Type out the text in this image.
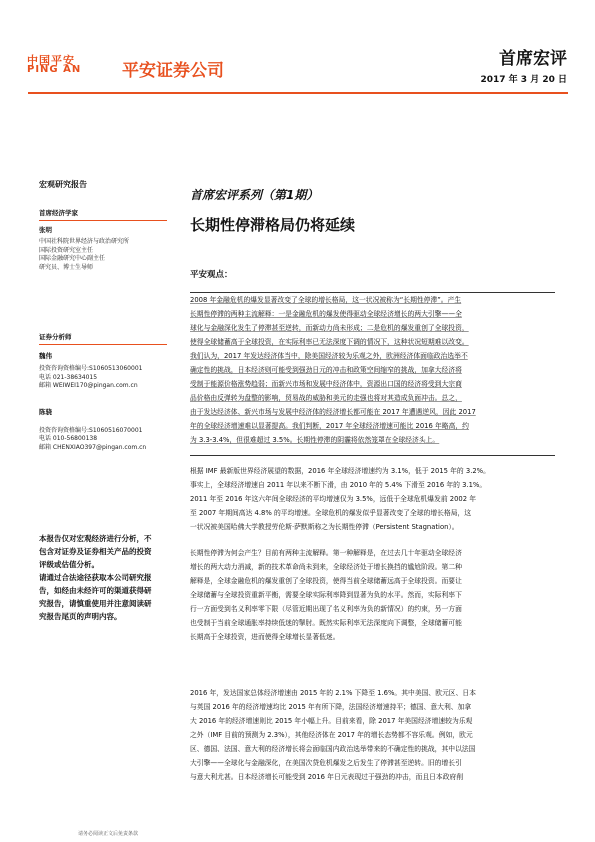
中国平安
PING AN 平安证券公司
首席宏评
2017 年 3 月 20 日
宏观研究报告
首席经济学家
张明
中国社科院世界经济与政治研究所
国际投资研究室主任
国际金融研究中心副主任
研究员、博士生导师
证券分析师
魏伟
投资咨询资格编号:S1060513060001
电话 021-38634015
邮箱 WEIWEI170@pingan.com.cn
陈骁
投资咨询资格编号:S1060516070001
电话 010-56800138
邮箱 CHENXIAO397@pingan.com.cn
本报告仅对宏观经济进行分析，不
包含对证券及证券相关产品的投资
评级或估值分析。
请通过合法途径获取本公司研究报
告，如经由未经许可的渠道获得研
究报告，请慎重使用并注意阅读研
究报告尾页的声明内容。
首席宏评系列（第1期）
长期性停滞格局仍将延续
平安观点：
2008 年金融危机的爆发显著改变了全球的增长格局，这一状况被称为“长期性停滞”。产生
长期性停滞的两种主流解释：一是金融危机的爆发使得驱动全球经济增长的两大引擎——全
球化与金融深化发生了停滞甚至逆转，而新动力尚未形成；二是危机的爆发重创了全球投资，
使得全球储蓄高于全球投资，在实际利率已无法深度下调的情况下，这种状况短期难以改变。
我们认为，2017 年发达经济体当中，除美国经济较为乐观之外，欧洲经济体面临政治选举不
确定性的挑战，日本经济则可能受到强劲日元的冲击和政策空间缩窄的挑战，加拿大经济将
受制于能源价格涨势趋弱；而新兴市场和发展中经济体中，资源出口国的经济将受到大宗商
品价格由反弹转为盘整的影响，贸易战的威胁和美元的走强也将对其造成负面冲击。总之，
由于发达经济体、新兴市场与发展中经济体的经济增长都可能在 2017 年遭遇逆风，因此 2017
年的全球经济增速难以显著提高。我们判断，2017 年全球经济增速可能比 2016 年略高，约
为 3.3-3.4%，但很难超过 3.5%。长期性停滞的阴霾将依然笼罩在全球经济头上。
根据 IMF 最新版世界经济展望的数据，2016 年全球经济增速约为 3.1%，低于 2015 年的 3.2%。
事实上，全球经济增速自 2011 年以来不断下滑，由 2010 年的 5.4% 下滑至 2016 年的 3.1%。
2011 年至 2016 年这六年间全球经济的平均增速仅为 3.5%，远低于全球危机爆发前 2002 年
至 2007 年期间高达 4.8% 的平均增速。全球危机的爆发似乎显著改变了全球的增长格局，这
一状况被美国哈佛大学教授劳伦斯·萨默斯称之为长期性停滞（Persistent Stagnation）。
长期性停滞为何会产生？目前有两种主流解释。第一种解释是，在过去几十年驱动全球经济
增长的两大动力消减，新的技术革命尚未到来，全球经济处于增长换挡的尴尬阶段。第二种
解释是，全球金融危机的爆发重创了全球投资，使得当前全球储蓄远高于全球投资。而要让
全球储蓄与全球投资重新平衡，需要全球实际利率降到显著为负的水平。然而，实际利率下
行一方面受到名义利率零下限（尽管近期出现了名义利率为负的新情况）的约束，另一方面
也受制于当前全球通胀率持续低迷的掣肘。既然实际利率无法深度向下调整，全球储蓄可能
长期高于全球投资，进而使得全球增长显著低迷。
2016 年，发达国家总体经济增速由 2015 年的 2.1% 下降至 1.6%。其中美国、欧元区、日本
与英国 2016 年的经济增速均比 2015 年有所下降，法国经济增速持平；德国、意大利、加拿
大 2016 年的经济增速则比 2015 年小幅上升。目前来看，除 2017 年美国经济增速较为乐观
之外（IMF 目前的预测为 2.3%），其他经济体在 2017 年的增长态势都不容乐观。例如，欧元
区、德国、法国、意大利的经济增长将会面临国内政治选举带来的不确定性的挑战，其中以法国
大引擎——全球化与金融深化，在美国次贷危机爆发之后发生了停滞甚至逆转。旧的增长引
与意大利尤甚。日本经济增长可能受到 2016 年日元表现过于强劲的冲击，而且日本政府削
请务必阅读正文后免责条款
